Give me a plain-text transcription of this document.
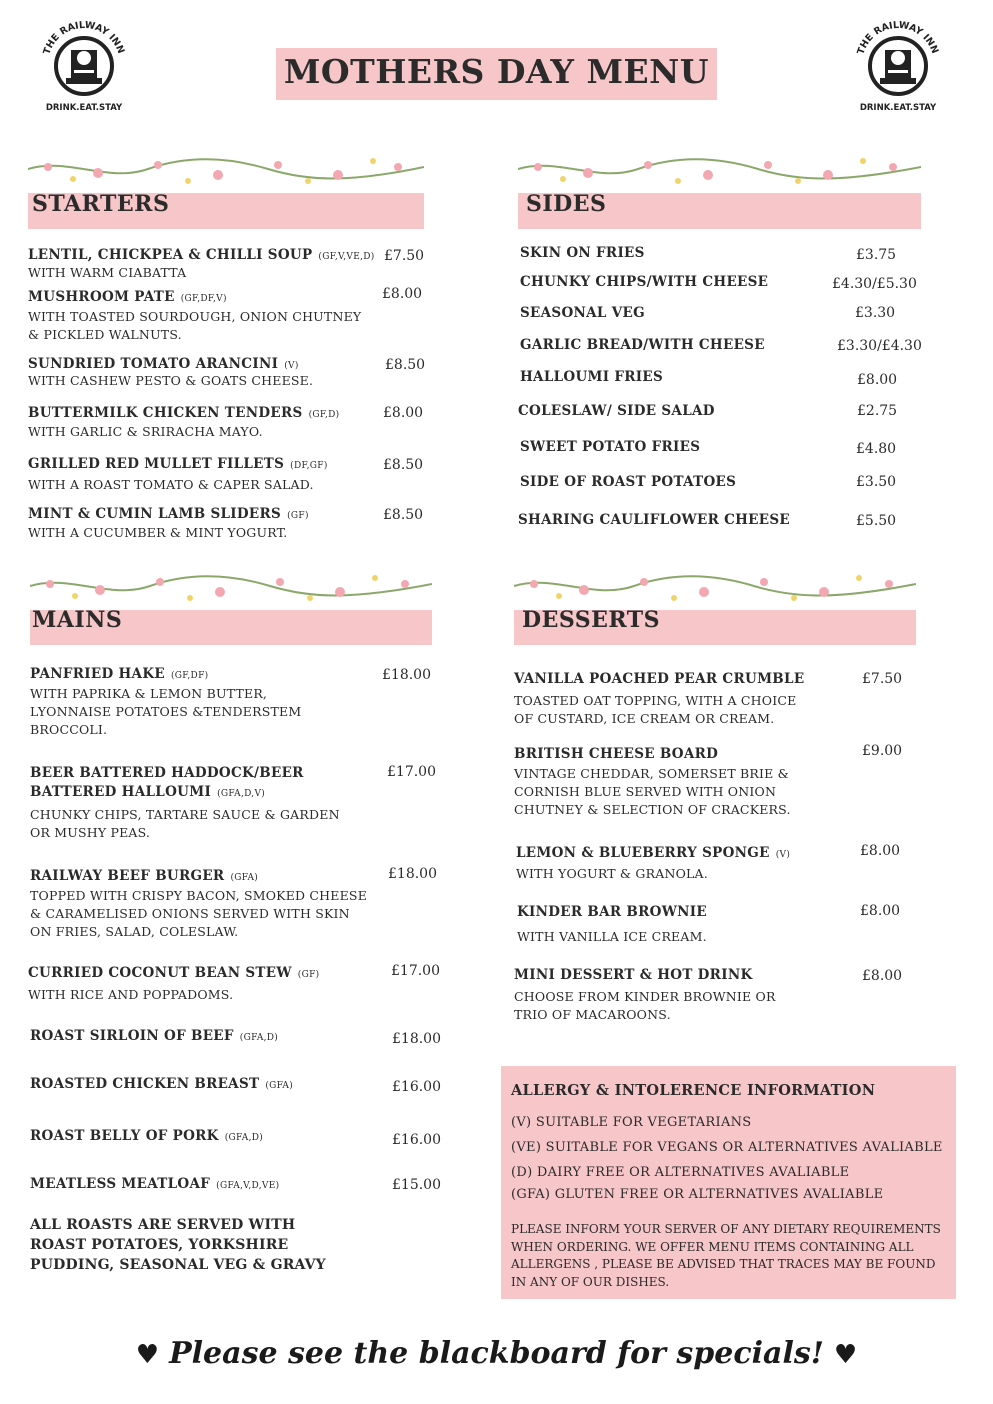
THE RAILWAY INN
DRINK.EAT.STAY
THE RAILWAY INN
DRINK.EAT.STAY
MOTHERS DAY MENU
STARTERS	SIDES
MAINS	DESSERTS
LENTIL, CHICKPEA & CHILLI SOUP (GF,V,VE,D)
WITH WARM CIABATTA
£7.50
MUSHROOM PATE (GF,DF,V)
WITH TOASTED SOURDOUGH, ONION CHUTNEY & PICKLED WALNUTS.
£8.00
SUNDRIED TOMATO ARANCINI (V)
WITH CASHEW PESTO & GOATS CHEESE.
£8.50
BUTTERMILK CHICKEN TENDERS (GF,D)
WITH GARLIC & SRIRACHA MAYO.
£8.00
GRILLED RED MULLET FILLETS (DF,GF)
WITH A ROAST TOMATO & CAPER SALAD.
£8.50
MINT & CUMIN LAMB SLIDERS (GF)
WITH A CUCUMBER & MINT YOGURT.
£8.50
SKIN ON FRIES	£3.75
CHUNKY CHIPS/WITH CHEESE	£4.30/£5.30
SEASONAL VEG	£3.30
GARLIC BREAD/WITH CHEESE	£3.30/£4.30
HALLOUMI FRIES	£8.00
COLESLAW/ SIDE SALAD	£2.75
SWEET POTATO FRIES	£4.80
SIDE OF ROAST POTATOES	£3.50
SHARING CAULIFLOWER CHEESE	£5.50
PANFRIED HAKE (GF,DF)
WITH PAPRIKA & LEMON BUTTER, LYONNAISE POTATOES &TENDERSTEM BROCCOLI.
£18.00
BEER BATTERED HADDOCK/BEER
BATTERED HALLOUMI (GFA,D,V)
CHUNKY CHIPS, TARTARE SAUCE & GARDEN OR MUSHY PEAS.
£17.00
RAILWAY BEEF BURGER (GFA)
TOPPED WITH CRISPY BACON, SMOKED CHEESE & CARAMELISED ONIONS SERVED WITH SKIN ON FRIES, SALAD, COLESLAW.
£18.00
CURRIED COCONUT BEAN STEW (GF)
WITH RICE AND POPPADOMS.
£17.00
ROAST SIRLOIN OF BEEF (GFA,D)	£18.00
ROASTED CHICKEN BREAST (GFA)	£16.00
ROAST BELLY OF PORK (GFA,D)	£16.00
MEATLESS MEATLOAF (GFA,V,D,VE)	£15.00
ALL ROASTS ARE SERVED WITH ROAST POTATOES, YORKSHIRE PUDDING, SEASONAL VEG & GRAVY
VANILLA POACHED PEAR CRUMBLE
TOASTED OAT TOPPING, WITH A CHOICE OF CUSTARD, ICE CREAM OR CREAM.
£7.50
BRITISH CHEESE BOARD
VINTAGE CHEDDAR, SOMERSET BRIE & CORNISH BLUE SERVED WITH ONION CHUTNEY & SELECTION OF CRACKERS.
£9.00
LEMON & BLUEBERRY SPONGE (V)
WITH YOGURT & GRANOLA.
£8.00
KINDER BAR BROWNIE
WITH VANILLA ICE CREAM.
£8.00
MINI DESSERT & HOT DRINK
CHOOSE FROM KINDER BROWNIE OR TRIO OF MACAROONS.
£8.00
ALLERGY & INTOLERENCE INFORMATION
(V) SUITABLE FOR VEGETARIANS
(VE) SUITABLE FOR VEGANS OR ALTERNATIVES AVALIABLE
(D) DAIRY FREE OR ALTERNATIVES AVALIABLE
(GFA) GLUTEN FREE OR ALTERNATIVES AVALIABLE
PLEASE INFORM YOUR SERVER OF ANY DIETARY REQUIREMENTS WHEN ORDERING. WE OFFER MENU ITEMS CONTAINING ALL ALLERGENS , PLEASE BE ADVISED THAT TRACES MAY BE FOUND IN ANY OF OUR DISHES.
♥ Please see the blackboard for specials! ♥
